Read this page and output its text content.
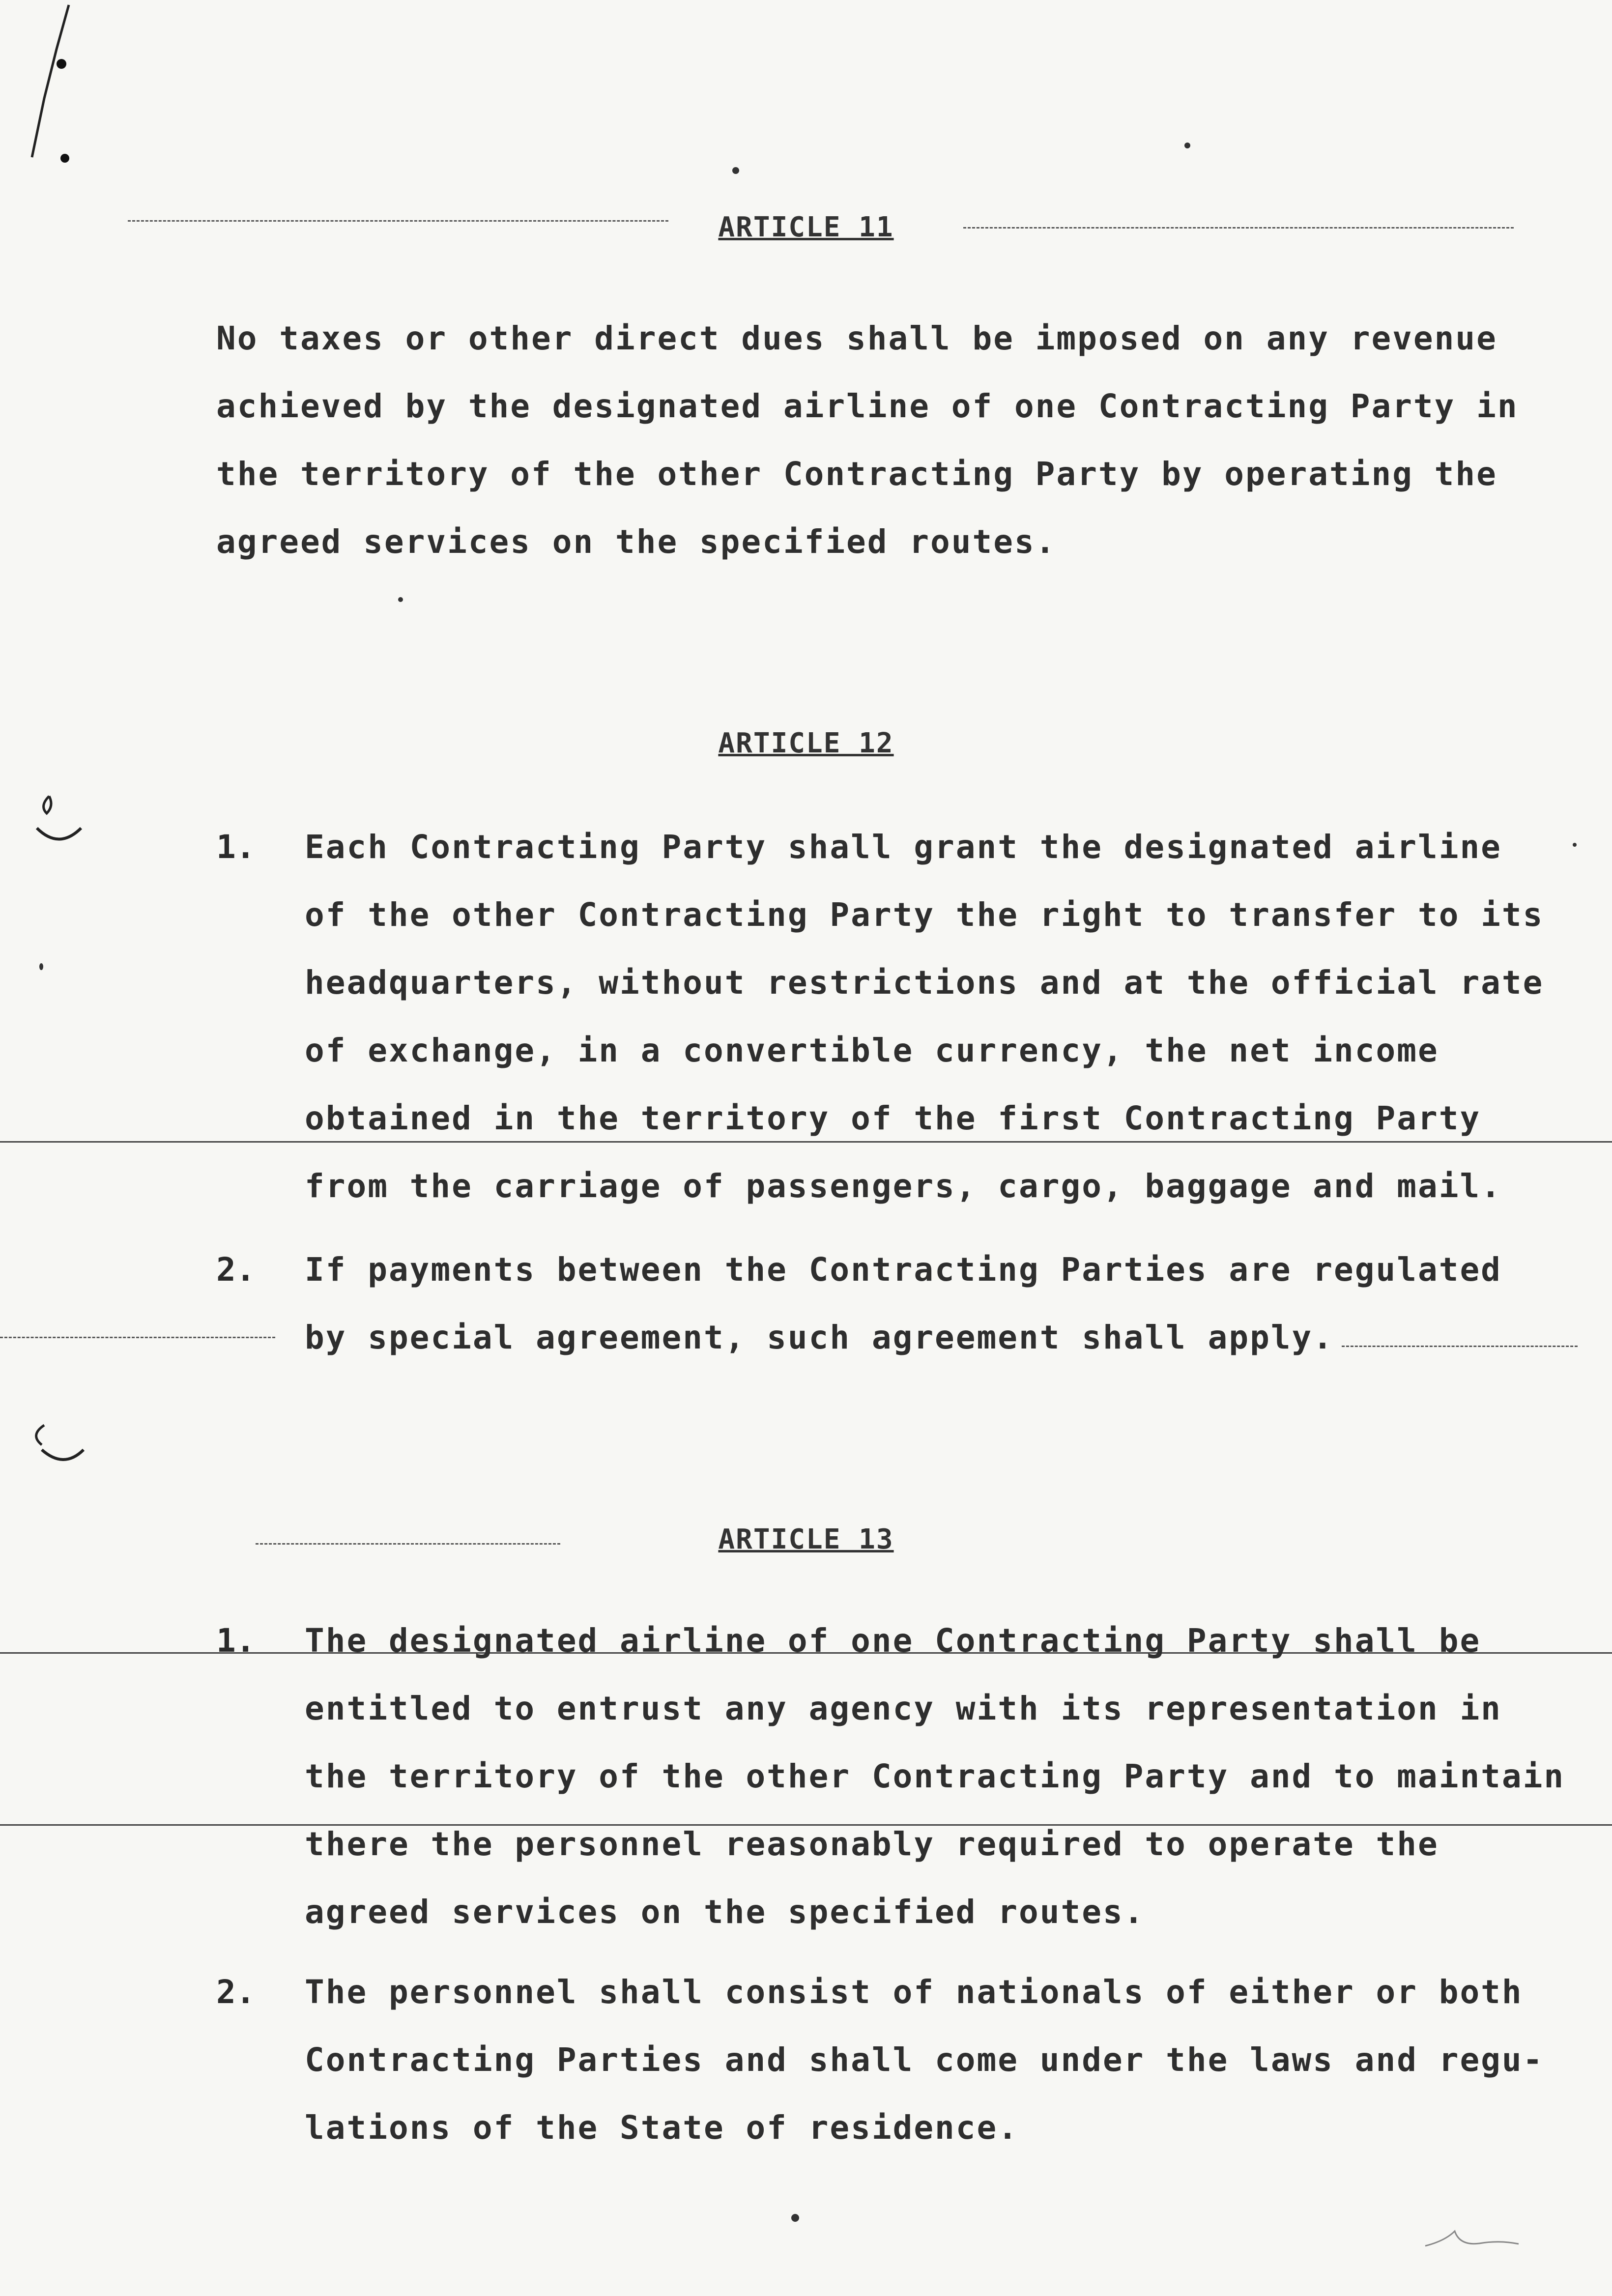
ARTICLE 11
No taxes or other direct dues shall be imposed on any revenue
achieved by the designated airline of one Contracting Party in
the territory of the other Contracting Party by operating the
agreed services on the specified routes.
ARTICLE 12
1. Each Contracting Party shall grant the designated airline
of the other Contracting Party the right to transfer to its
headquarters, without restrictions and at the official rate
of exchange, in a convertible currency, the net income
obtained in the territory of the first Contracting Party
from the carriage of passengers, cargo, baggage and mail.
2. If payments between the Contracting Parties are regulated
by special agreement, such agreement shall apply.
ARTICLE 13
1. The designated airline of one Contracting Party shall be
entitled to entrust any agency with its representation in
the territory of the other Contracting Party and to maintain
there the personnel reasonably required to operate the
agreed services on the specified routes.
2. The personnel shall consist of nationals of either or both
Contracting Parties and shall come under the laws and regu-
lations of the State of residence.
